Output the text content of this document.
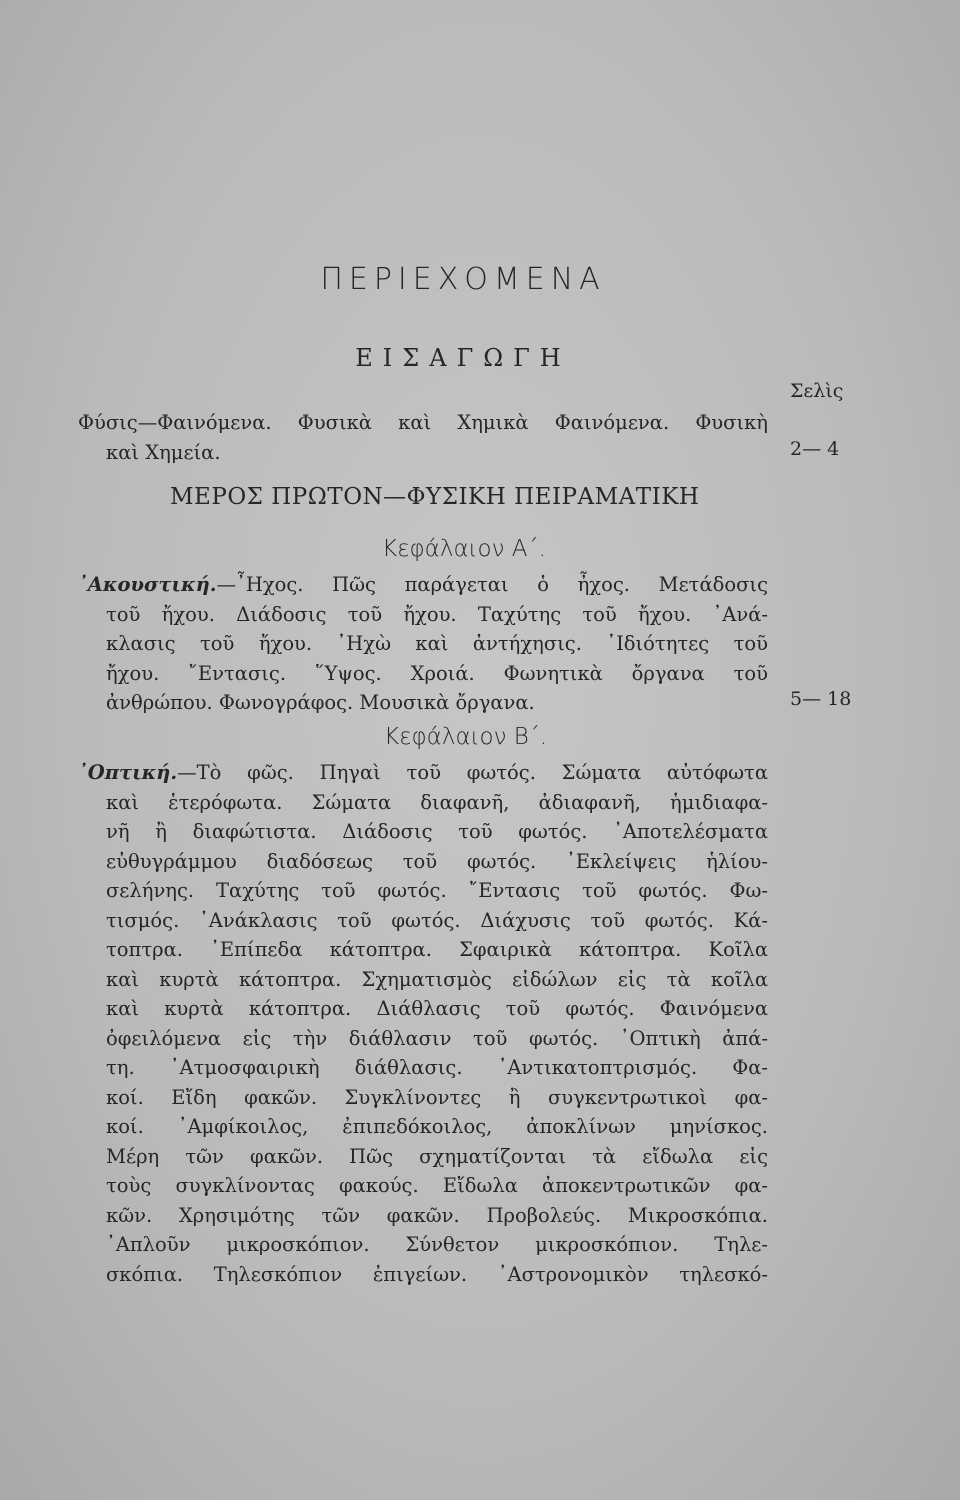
ΠΕΡΙΕΧΟΜΕΝΑ
ΕΙΣΑΓΩΓΗ
Σελὶς
Φύσις—Φαινόμενα. Φυσικὰ καὶ Χημικὰ Φαινόμενα. Φυσικὴ
καὶ Χημεία.	2— 4
ΜΕΡΟΣ ΠΡΩΤΟΝ—ΦΥΣΙΚΗ ΠΕΙΡΑΜΑΤΙΚΗ
Κεφάλαιον Α΄.
᾽Ακουστική.—῏Ηχος. Πῶς παράγεται ὁ ἦχος. Μετάδοσις
τοῦ ἤχου. Διάδοσις τοῦ ἤχου. Ταχύτης τοῦ ἤχου. ᾽Ανά-
κλασις τοῦ ἤχου. ᾽Ηχὼ καὶ ἀντήχησις. ᾽Ιδιότητες τοῦ
ἤχου. ῎Εντασις. ῞Υψος. Χροιά. Φωνητικὰ ὄργανα τοῦ
ἀνθρώπου. Φωνογράφος. Μουσικὰ ὄργανα.	5— 18
Κεφάλαιον Β΄.
᾽Οπτική.—Τὸ φῶς. Πηγαὶ τοῦ φωτός. Σώματα αὐτόφωτα
καὶ ἑτερόφωτα. Σώματα διαφανῆ, ἀδιαφανῆ, ἡμιδιαφα-
νῆ ἢ διαφώτιστα. Διάδοσις τοῦ φωτός. ᾽Αποτελέσματα
εὐθυγράμμου διαδόσεως τοῦ φωτός. ᾽Εκλείψεις ἡλίου-
σελήνης. Ταχύτης τοῦ φωτός. ῎Εντασις τοῦ φωτός. Φω-
τισμός. ᾽Ανάκλασις τοῦ φωτός. Διάχυσις τοῦ φωτός. Κά-
τοπτρα. ᾽Επίπεδα κάτοπτρα. Σφαιρικὰ κάτοπτρα. Κοῖλα
καὶ κυρτὰ κάτοπτρα. Σχηματισμὸς εἰδώλων εἰς τὰ κοῖλα
καὶ κυρτὰ κάτοπτρα. Διάθλασις τοῦ φωτός. Φαινόμενα
ὀφειλόμενα εἰς τὴν διάθλασιν τοῦ φωτός. ᾽Οπτικὴ ἀπά-
τη. ᾽Ατμοσφαιρικὴ διάθλασις. ᾽Αντικατοπτρισμός. Φα-
κοί. Εἴδη φακῶν. Συγκλίνοντες ἢ συγκεντρωτικοὶ φα-
κοί. ᾽Αμφίκοιλος, ἐπιπεδόκοιλος, ἀποκλίνων μηνίσκος.
Μέρη τῶν φακῶν. Πῶς σχηματίζονται τὰ εἴδωλα εἰς
τοὺς συγκλίνοντας φακούς. Εἴδωλα ἀποκεντρωτικῶν φα-
κῶν. Χρησιμότης τῶν φακῶν. Προβολεύς. Μικροσκόπια.
᾽Απλοῦν μικροσκόπιον. Σύνθετον μικροσκόπιον. Τηλε-
σκόπια. Τηλεσκόπιον ἐπιγείων. ᾽Αστρονομικὸν τηλεσκό-
